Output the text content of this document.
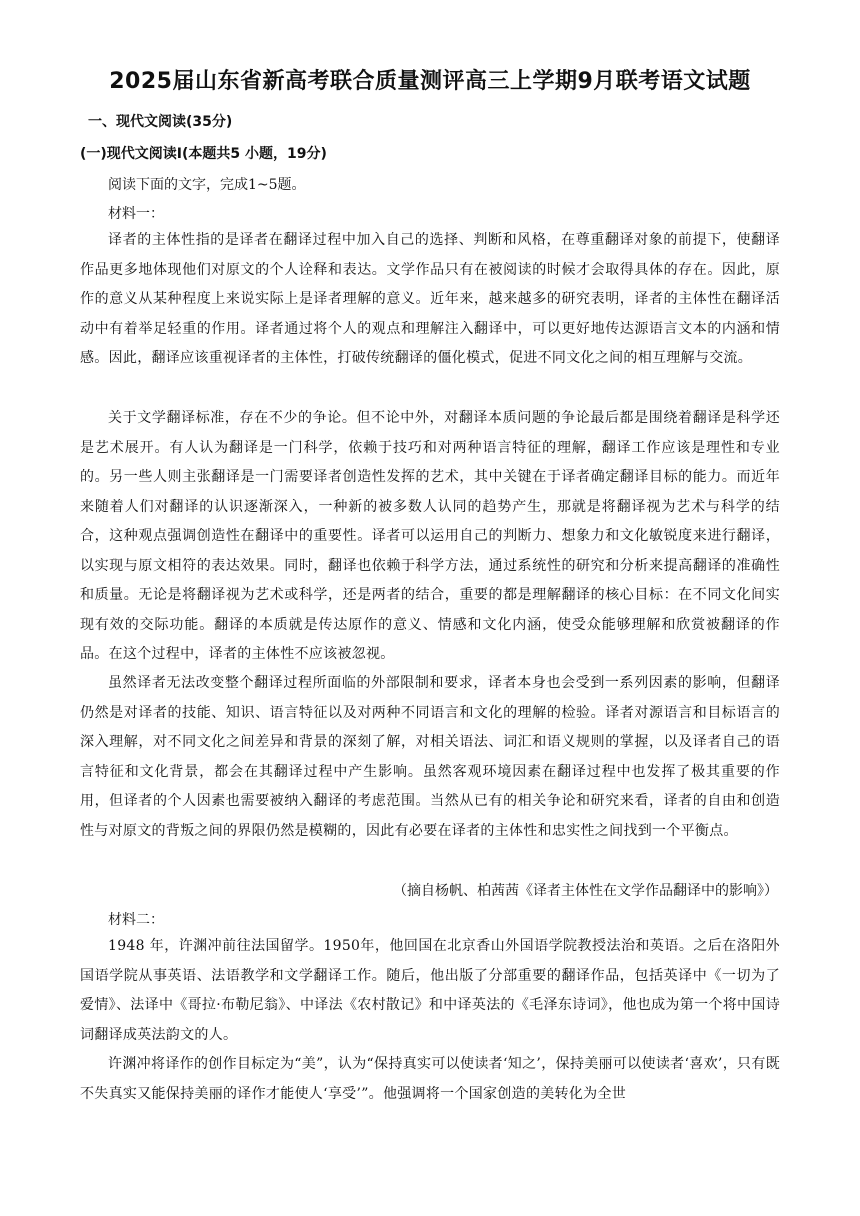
2025届山东省新高考联合质量测评高三上学期9月联考语文试题
一、现代文阅读(35分)
(一)现代文阅读Ⅰ(本题共5 小题，19分)
阅读下面的文字，完成1~5题。
材料一：
译者的主体性指的是译者在翻译过程中加入自己的选择、判断和风格，在尊重翻译对象的前提下，使翻译作品更多地体现他们对原文的个人诠释和表达。文学作品只有在被阅读的时候才会取得具体的存在。因此，原作的意义从某种程度上来说实际上是译者理解的意义。近年来，越来越多的研究表明，译者的主体性在翻译活动中有着举足轻重的作用。译者通过将个人的观点和理解注入翻译中，可以更好地传达源语言文本的内涵和情感。因此，翻译应该重视译者的主体性，打破传统翻译的僵化模式，促进不同文化之间的相互理解与交流。
关于文学翻译标准，存在不少的争论。但不论中外，对翻译本质问题的争论最后都是围绕着翻译是科学还是艺术展开。有人认为翻译是一门科学，依赖于技巧和对两种语言特征的理解，翻译工作应该是理性和专业的。另一些人则主张翻译是一门需要译者创造性发挥的艺术，其中关键在于译者确定翻译目标的能力。而近年来随着人们对翻译的认识逐渐深入，一种新的被多数人认同的趋势产生，那就是将翻译视为艺术与科学的结合，这种观点强调创造性在翻译中的重要性。译者可以运用自己的判断力、想象力和文化敏锐度来进行翻译，以实现与原文相符的表达效果。同时，翻译也依赖于科学方法，通过系统性的研究和分析来提高翻译的准确性和质量。无论是将翻译视为艺术或科学，还是两者的结合，重要的都是理解翻译的核心目标：在不同文化间实现有效的交际功能。翻译的本质就是传达原作的意义、情感和文化内涵，使受众能够理解和欣赏被翻译的作品。在这个过程中，译者的主体性不应该被忽视。
虽然译者无法改变整个翻译过程所面临的外部限制和要求，译者本身也会受到一系列因素的影响，但翻译仍然是对译者的技能、知识、语言特征以及对两种不同语言和文化的理解的检验。译者对源语言和目标语言的深入理解，对不同文化之间差异和背景的深刻了解，对相关语法、词汇和语义规则的掌握，以及译者自己的语言特征和文化背景，都会在其翻译过程中产生影响。虽然客观环境因素在翻译过程中也发挥了极其重要的作用，但译者的个人因素也需要被纳入翻译的考虑范围。当然从已有的相关争论和研究来看，译者的自由和创造性与对原文的背叛之间的界限仍然是模糊的，因此有必要在译者的主体性和忠实性之间找到一个平衡点。
（摘自杨帆、柏茜茜《译者主体性在文学作品翻译中的影响》）
材料二：
1948 年，许渊冲前往法国留学。1950年，他回国在北京香山外国语学院教授法治和英语。之后在洛阳外国语学院从事英语、法语教学和文学翻译工作。随后，他出版了分部重要的翻译作品，包括英译中《一切为了爱情》、法译中《哥拉·布勒尼翁》、中译法《农村散记》和中译英法的《毛泽东诗词》，他也成为第一个将中国诗词翻译成英法韵文的人。
许渊冲将译作的创作目标定为“美”，认为“保持真实可以使读者‘知之’，保持美丽可以使读者‘喜欢’，只有既不失真实又能保持美丽的译作才能使人‘享受’”。他强调将一个国家创造的美转化为全世
